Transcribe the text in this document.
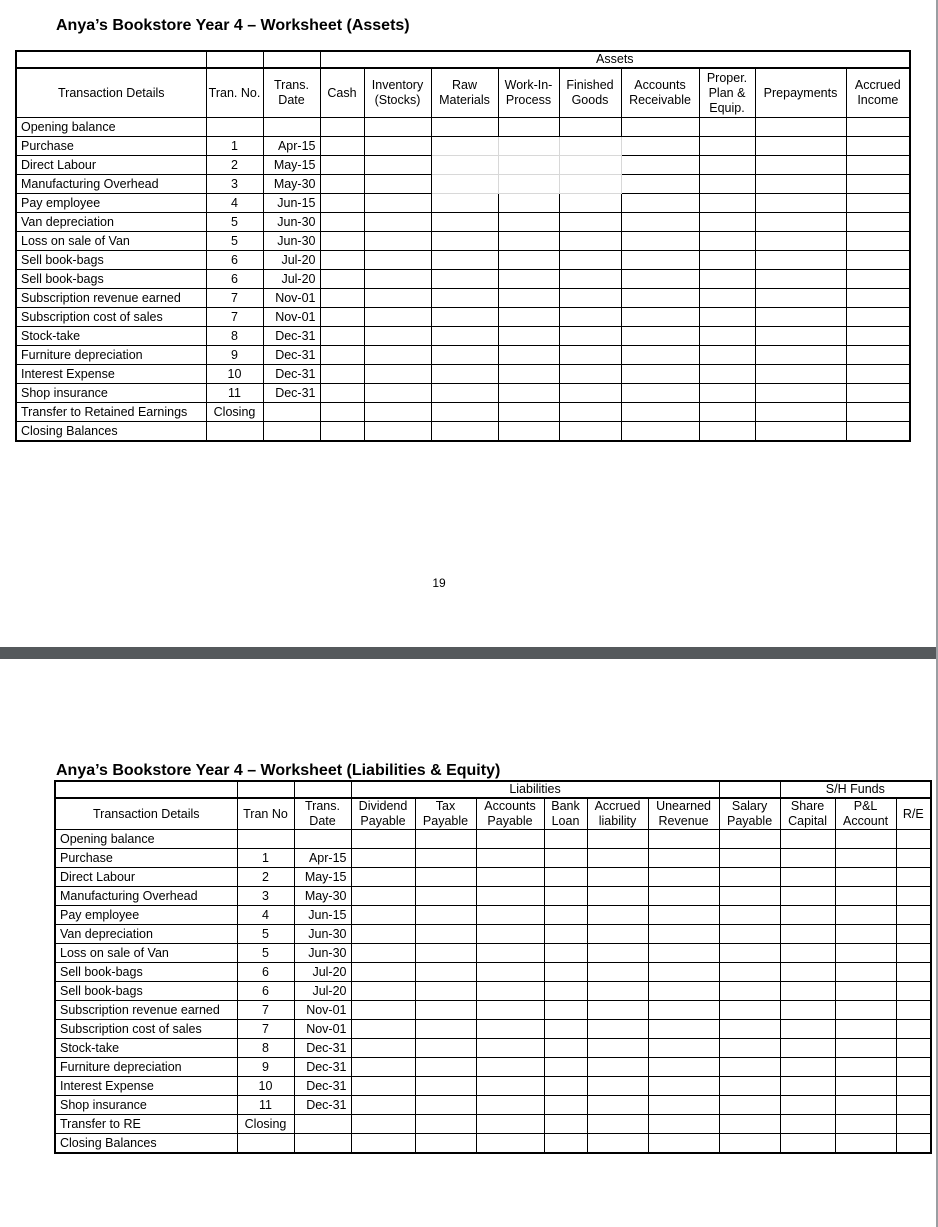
Anya’s Bookstore Year 4 – Worksheet (Assets)
			Assets								
Transaction Details	Tran. No.	Trans. Date	Cash	Inventory (Stocks)	Raw Materials	Work-In-Process	Finished Goods	Accounts Receivable	Proper. Plan & Equip.	Prepayments	Accrued Income
Opening balance											
Purchase	1	Apr-15									
Direct Labour	2	May-15									
Manufacturing Overhead	3	May-30									
Pay employee	4	Jun-15									
Van depreciation	5	Jun-30									
Loss on sale of Van	5	Jun-30									
Sell book-bags	6	Jul-20									
Sell book-bags	6	Jul-20									
Subscription revenue earned	7	Nov-01									
Subscription cost of sales	7	Nov-01									
Stock-take	8	Dec-31									
Furniture depreciation	9	Dec-31									
Interest Expense	10	Dec-31									
Shop insurance	11	Dec-31									
Transfer to Retained Earnings	Closing										
Closing Balances											
19
Anya’s Bookstore Year 4 – Worksheet (Liabilities & Equity)
			Liabilities							S/H Funds		
Transaction Details	Tran No	Trans. Date	Dividend Payable	Tax Payable	Accounts Payable	Bank Loan	Accrued liability	Unearned Revenue	Salary Payable	Share Capital	P&L Account	R/E
Opening balance												
Purchase	1	Apr-15										
Direct Labour	2	May-15										
Manufacturing Overhead	3	May-30										
Pay employee	4	Jun-15										
Van depreciation	5	Jun-30										
Loss on sale of Van	5	Jun-30										
Sell book-bags	6	Jul-20										
Sell book-bags	6	Jul-20										
Subscription revenue earned	7	Nov-01										
Subscription cost of sales	7	Nov-01										
Stock-take	8	Dec-31										
Furniture depreciation	9	Dec-31										
Interest Expense	10	Dec-31										
Shop insurance	11	Dec-31										
Transfer to RE	Closing											
Closing Balances												
